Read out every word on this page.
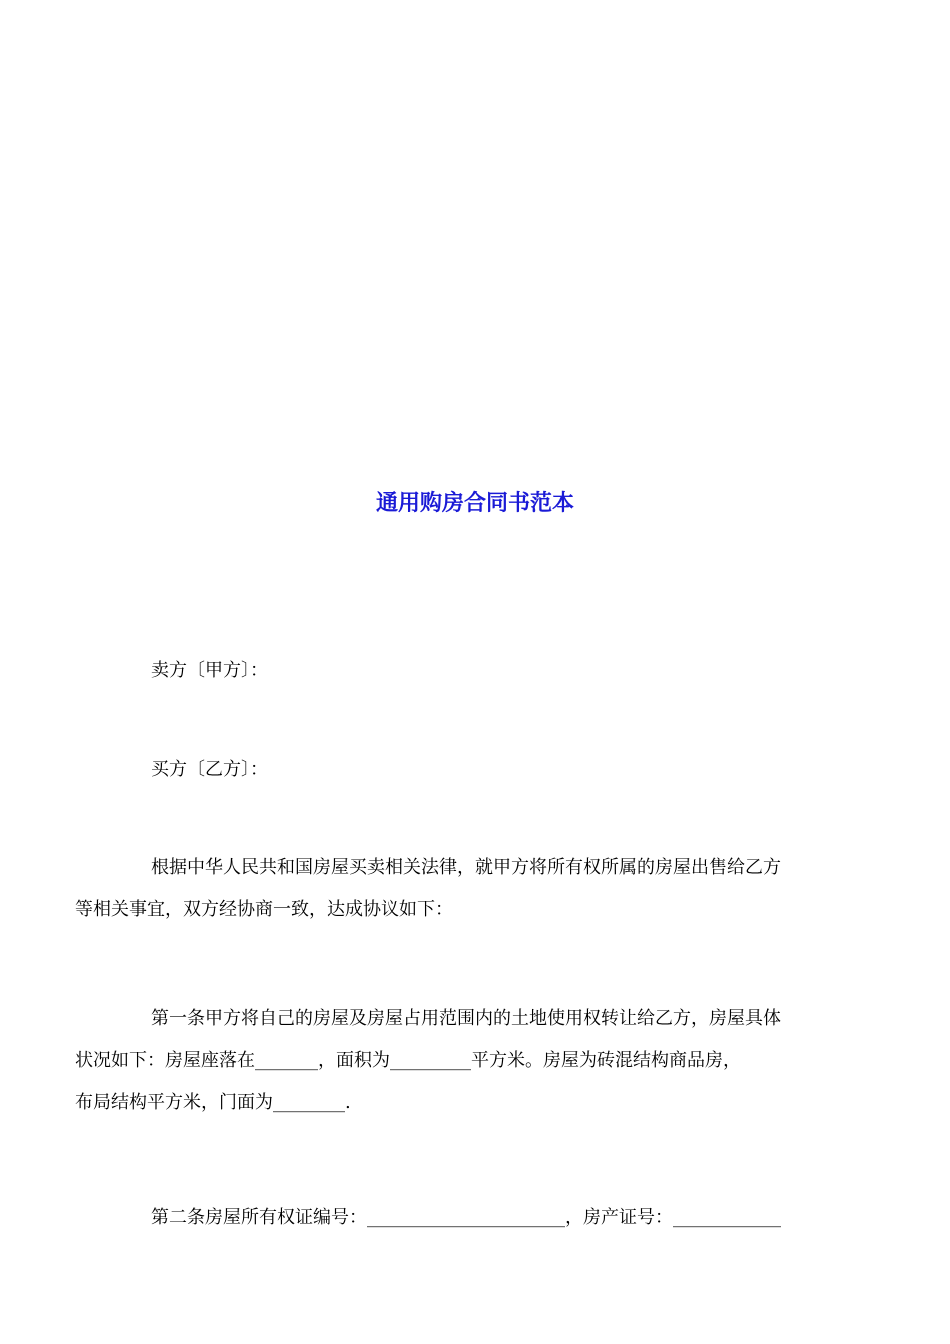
通用购房合同书范本
卖方〔甲方〕：
买方〔乙方〕：
根据中华人民共和国房屋买卖相关法律，就甲方将所有权所属的房屋出售给乙方
等相关事宜，双方经协商一致，达成协议如下：
第一条甲方将自己的房屋及房屋占用范围内的土地使用权转让给乙方，房屋具体
状况如下：房屋座落在_______，面积为_________平方米。房屋为砖混结构商品房，
布局结构平方米，门面为________.
第二条房屋所有权证编号：______________________，房产证号：____________
